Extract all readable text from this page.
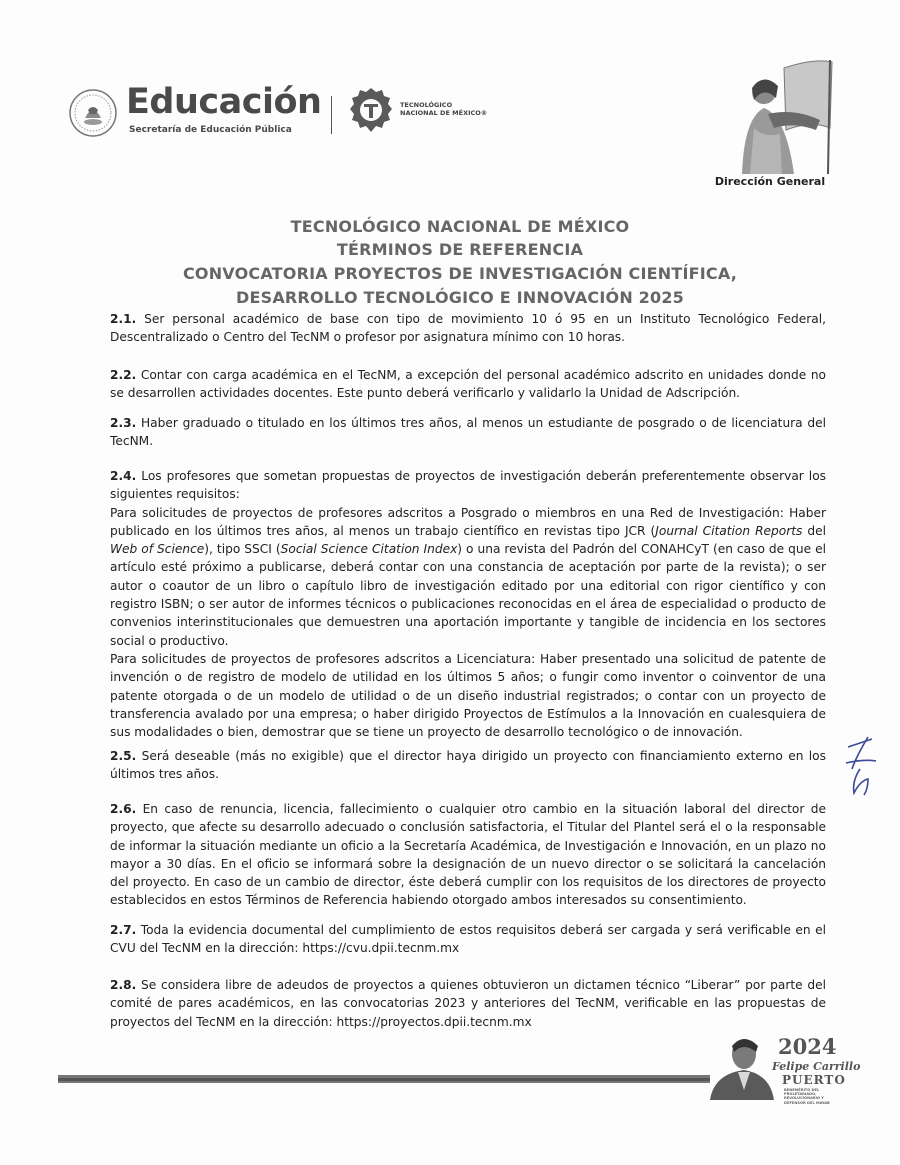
Educación
Secretaría de Educación Pública
TECNOLÓGICO NACIONAL DE MÉXICO®
Dirección General
TECNOLÓGICO NACIONAL DE MÉXICO
TÉRMINOS DE REFERENCIA
CONVOCATORIA PROYECTOS DE INVESTIGACIÓN CIENTÍFICA,
DESARROLLO TECNOLÓGICO E INNOVACIÓN 2025

2.1. Ser personal académico de base con tipo de movimiento 10 ó 95 en un Instituto Tecnológico Federal, Descentralizado o Centro del TecNM o profesor por asignatura mínimo con 10 horas.

2.2. Contar con carga académica en el TecNM, a excepción del personal académico adscrito en unidades donde no se desarrollen actividades docentes. Este punto deberá verificarlo y validarlo la Unidad de Adscripción.

2.3. Haber graduado o titulado en los últimos tres años, al menos un estudiante de posgrado o de licenciatura del TecNM.

2.4. Los profesores que sometan propuestas de proyectos de investigación deberán preferentemente observar los siguientes requisitos:

Para solicitudes de proyectos de profesores adscritos a Posgrado o miembros en una Red de Investigación: Haber publicado en los últimos tres años, al menos un trabajo científico en revistas tipo JCR (Journal Citation Reports del Web of Science), tipo SSCI (Social Science Citation Index) o una revista del Padrón del CONAHCyT (en caso de que el artículo esté próximo a publicarse, deberá contar con una constancia de aceptación por parte de la revista); o ser autor o coautor de un libro o capítulo libro de investigación editado por una editorial con rigor científico y con registro ISBN; o ser autor de informes técnicos o publicaciones reconocidas en el área de especialidad o producto de convenios interinstitucionales que demuestren una aportación importante y tangible de incidencia en los sectores social o productivo.

Para solicitudes de proyectos de profesores adscritos a Licenciatura: Haber presentado una solicitud de patente de invención o de registro de modelo de utilidad en los últimos 5 años; o fungir como inventor o coinventor de una patente otorgada o de un modelo de utilidad o de un diseño industrial registrados; o contar con un proyecto de transferencia avalado por una empresa; o haber dirigido Proyectos de Estímulos a la Innovación en cualesquiera de sus modalidades o bien, demostrar que se tiene un proyecto de desarrollo tecnológico o de innovación.

2.5. Será deseable (más no exigible) que el director haya dirigido un proyecto con financiamiento externo en los últimos tres años.

2.6. En caso de renuncia, licencia, fallecimiento o cualquier otro cambio en la situación laboral del director de proyecto, que afecte su desarrollo adecuado o conclusión satisfactoria, el Titular del Plantel será el o la responsable de informar la situación mediante un oficio a la Secretaría Académica, de Investigación e Innovación, en un plazo no mayor a 30 días. En el oficio se informará sobre la designación de un nuevo director o se solicitará la cancelación del proyecto. En caso de un cambio de director, éste deberá cumplir con los requisitos de los directores de proyecto establecidos en estos Términos de Referencia habiendo otorgado ambos interesados su consentimiento.

2.7. Toda la evidencia documental del cumplimiento de estos requisitos deberá ser cargada y será verificable en el CVU del TecNM en la dirección: https://cvu.dpii.tecnm.mx

2.8. Se considera libre de adeudos de proyectos a quienes obtuvieron un dictamen técnico “Liberar” por parte del comité de pares académicos, en las convocatorias 2023 y anteriores del TecNM, verificable en las propuestas de proyectos del TecNM en la dirección: https://proyectos.dpii.tecnm.mx

2024
Felipe Carrillo
PUERTO
BENEMÉRITO DEL PROLETARIADO, REVOLUCIONARIO Y DEFENSOR DEL MAYAB
